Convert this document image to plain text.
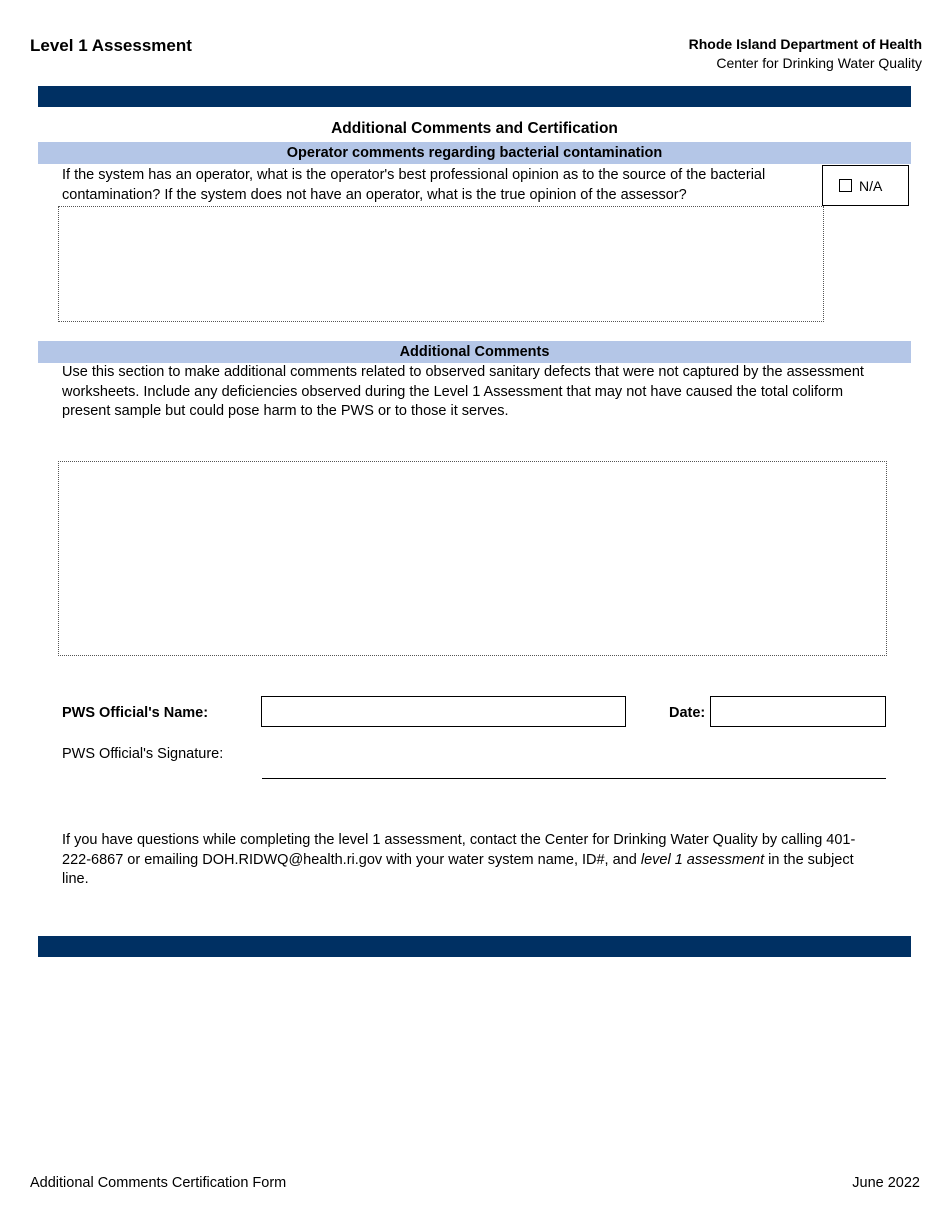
Level 1 Assessment	Rhode Island Department of Health
Center for Drinking Water Quality
Additional Comments and Certification
Operator comments regarding bacterial contamination
If the system has an operator, what is the operator's best professional opinion as to the source of the bacterial contamination? If the system does not have an operator, what is the true opinion of the assessor?
N/A
Additional Comments
Use this section to make additional comments related to observed sanitary defects that were not captured by the assessment worksheets. Include any deficiencies observed during the Level 1 Assessment that may not have caused the total coliform present sample but could pose harm to the PWS or to those it serves.
PWS Official's Name:	Date:
PWS Official's Signature:
If you have questions while completing the level 1 assessment, contact the Center for Drinking Water Quality by calling 401-222-6867 or emailing DOH.RIDWQ@health.ri.gov with your water system name, ID#, and level 1 assessment in the subject line.
Additional Comments Certification Form	June 2022
